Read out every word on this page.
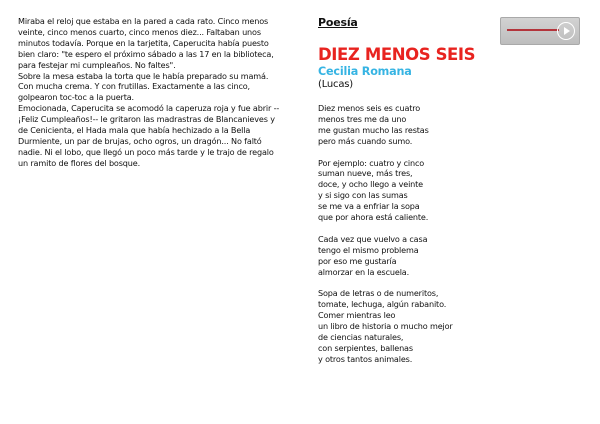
Miraba el reloj que estaba en la pared a cada rato. Cinco menos veinte, cinco menos cuarto, cinco menos diez... Faltaban unos minutos todavía. Porque en la tarjetita, Caperucita había puesto bien claro: "te espero el próximo sábado a las 17 en la biblioteca, para festejar mi cumpleaños. No faltes".

Sobre la mesa estaba la torta que le había preparado su mamá. Con mucha crema. Y con frutillas. Exactamente a las cinco, golpearon toc-toc a la puerta.

Emocionada, Caperucita se acomodó la caperuza roja y fue abrir --¡Feliz Cumpleaños!-- le gritaron las madrastras de Blancanieves y de Cenicienta, el Hada mala que había hechizado a la Bella Durmiente, un par de brujas, ocho ogros, un dragón... No faltó nadie. Ni el lobo, que llegó un poco más tarde y le trajo de regalo un ramito de flores del bosque.

Poesía
DIEZ MENOS SEIS
Cecilia Romana
(Lucas)
Diez menos seis es cuatro
menos tres me da uno
me gustan mucho las restas
pero más cuando sumo.
Por ejemplo: cuatro y cinco
suman nueve, más tres,
doce, y ocho llego a veinte
y si sigo con las sumas
se me va a enfriar la sopa
que por ahora está caliente.
Cada vez que vuelvo a casa
tengo el mismo problema
por eso me gustaría
almorzar en la escuela.
Sopa de letras o de numeritos,
tomate, lechuga, algún rabanito.
Comer mientras leo
un libro de historia o mucho mejor
de ciencias naturales,
con serpientes, ballenas
y otros tantos animales.
